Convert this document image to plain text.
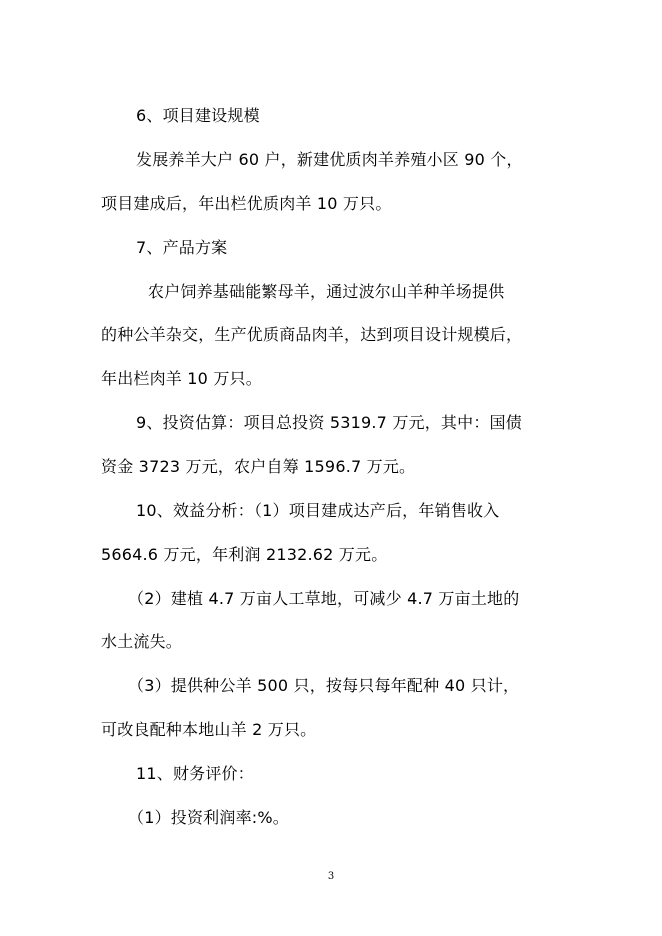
6、项目建设规模
发展养羊大户 60 户，新建优质肉羊养殖小区 90 个，
项目建成后，年出栏优质肉羊 10 万只。
7、产品方案
农户饲养基础能繁母羊，通过波尔山羊种羊场提供
的种公羊杂交，生产优质商品肉羊，达到项目设计规模后，
年出栏肉羊 10 万只。
9、投资估算：项目总投资 5319.7 万元，其中：国债
资金 3723 万元，农户自筹 1596.7 万元。
10、效益分析：（1）项目建成达产后，年销售收入
5664.6 万元，年利润 2132.62 万元。
（2）建植 4.7 万亩人工草地，可减少 4.7 万亩土地的
水土流失。
（3）提供种公羊 500 只，按每只每年配种 40 只计，
可改良配种本地山羊 2 万只。
11、财务评价：
（1）投资利润率:%。
3
